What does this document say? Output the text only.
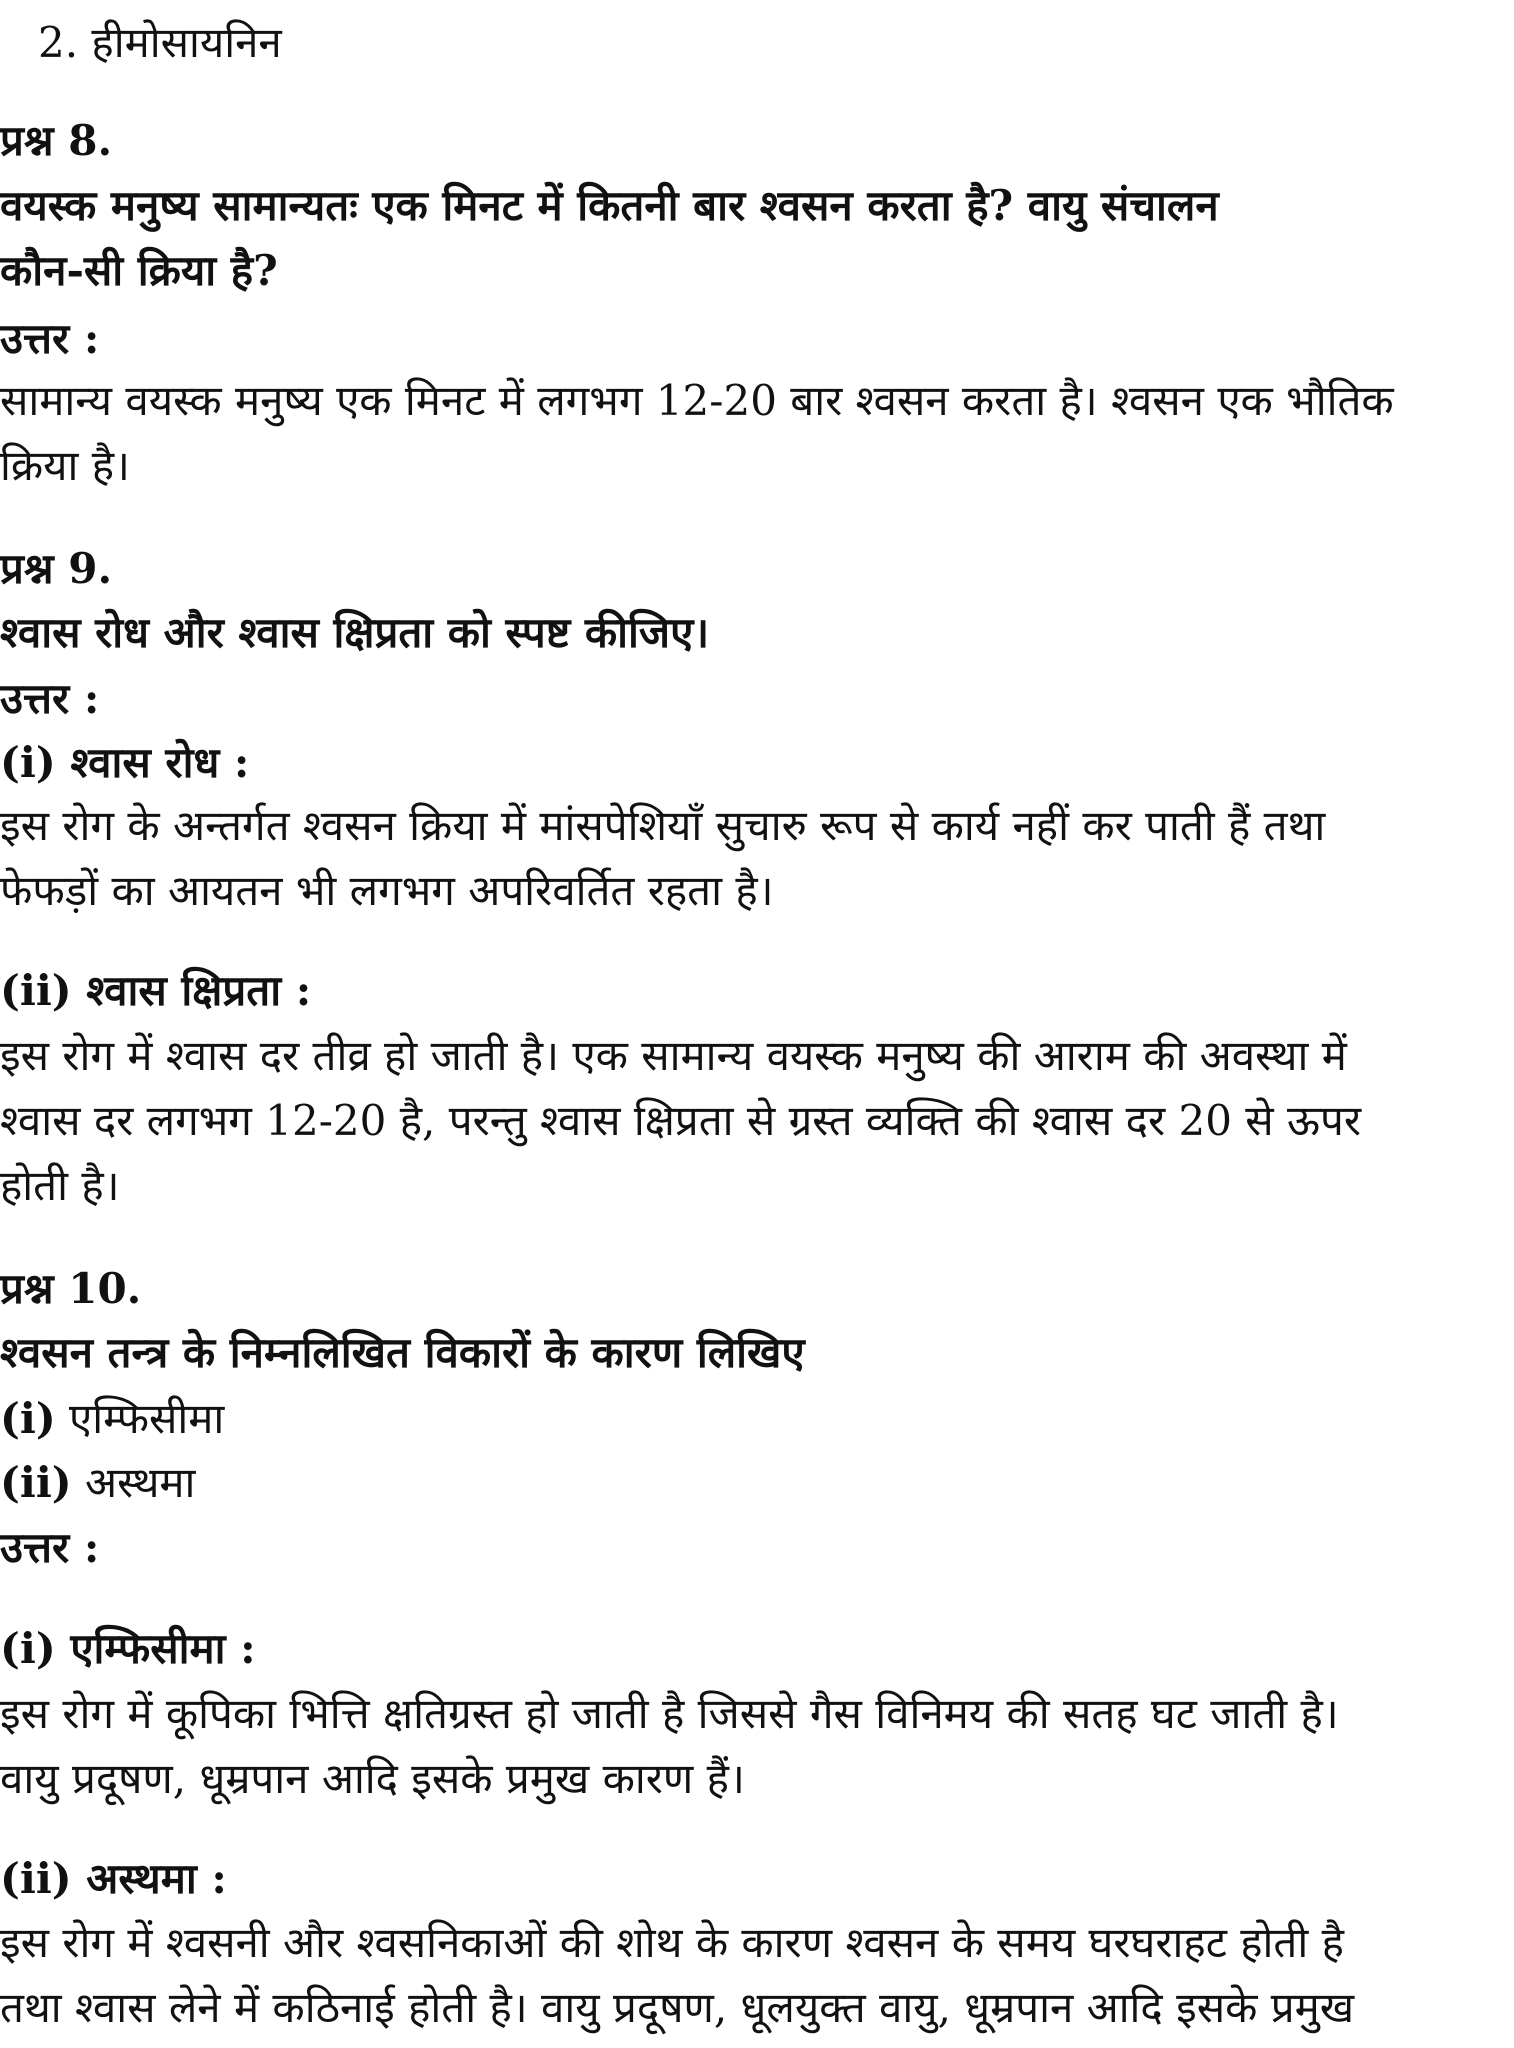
2. हीमोसायनिन
प्रश्न 8.
वयस्क मनुष्य सामान्यतः एक मिनट में कितनी बार श्वसन करता है? वायु संचालन
कौन-सी क्रिया है?
उत्तर :
सामान्य वयस्क मनुष्य एक मिनट में लगभग 12-20 बार श्वसन करता है। श्वसन एक भौतिक
क्रिया है।
प्रश्न 9.
श्वास रोध और श्वास क्षिप्रता को स्पष्ट कीजिए।
उत्तर :
(i) श्वास रोध :
इस रोग के अन्तर्गत श्वसन क्रिया में मांसपेशियाँ सुचारु रूप से कार्य नहीं कर पाती हैं तथा
फेफड़ों का आयतन भी लगभग अपरिवर्तित रहता है।
(ii) श्वास क्षिप्रता :
इस रोग में श्वास दर तीव्र हो जाती है। एक सामान्य वयस्क मनुष्य की आराम की अवस्था में
श्वास दर लगभग 12-20 है, परन्तु श्वास क्षिप्रता से ग्रस्त व्यक्ति की श्वास दर 20 से ऊपर
होती है।
प्रश्न 10.
श्वसन तन्त्र के निम्नलिखित विकारों के कारण लिखिए
(i) एम्फिसीमा
(ii) अस्थमा
उत्तर :
(i) एम्फिसीमा :
इस रोग में कूपिका भित्ति क्षतिग्रस्त हो जाती है जिससे गैस विनिमय की सतह घट जाती है।
वायु प्रदूषण, धूम्रपान आदि इसके प्रमुख कारण हैं।
(ii) अस्थमा :
इस रोग में श्वसनी और श्वसनिकाओं की शोथ के कारण श्वसन के समय घरघराहट होती है
तथा श्वास लेने में कठिनाई होती है। वायु प्रदूषण, धूलयुक्त वायु, धूम्रपान आदि इसके प्रमुख
